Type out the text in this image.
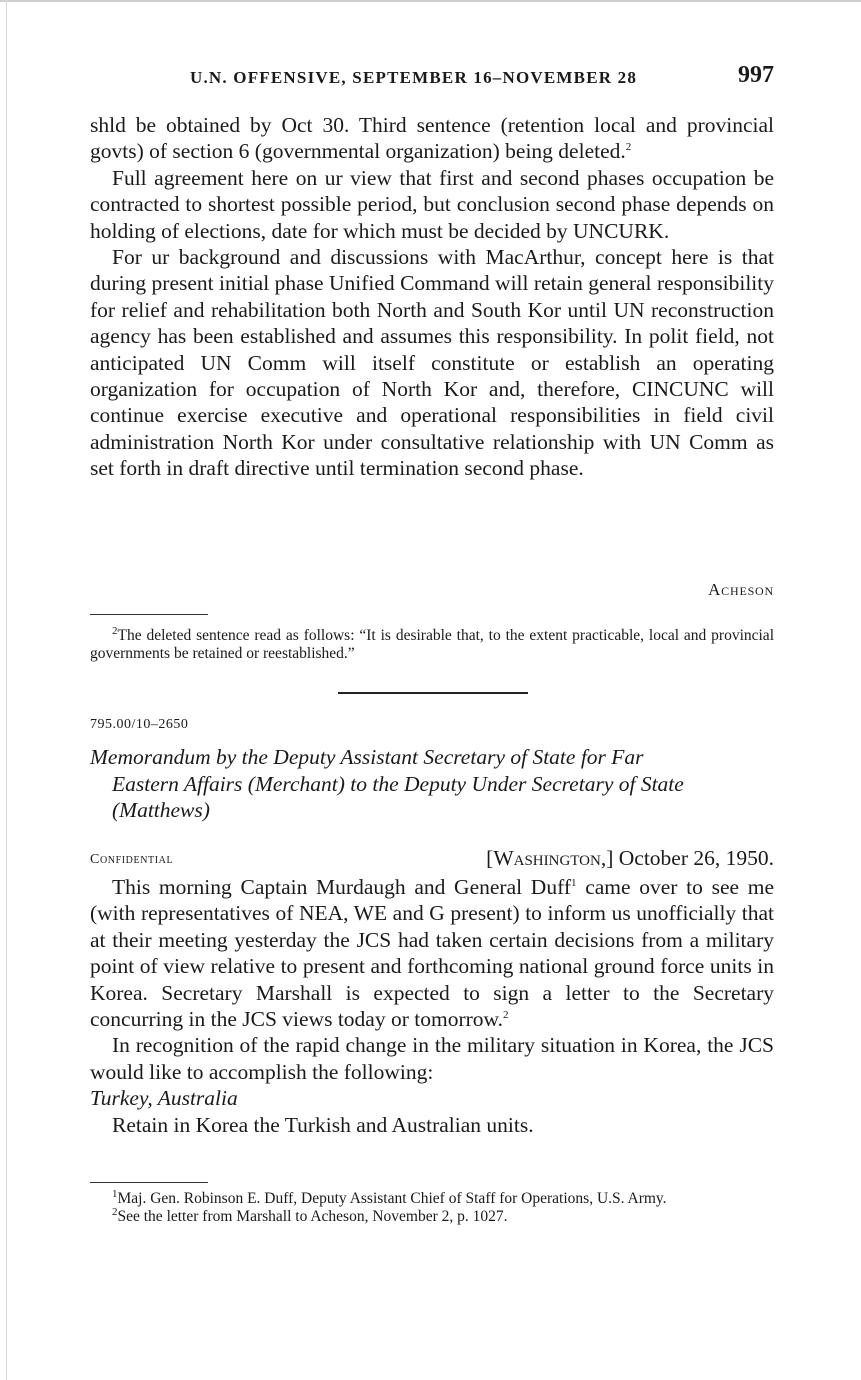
U.N. OFFENSIVE, SEPTEMBER 16–NOVEMBER 28	997

shld be obtained by Oct 30. Third sentence (retention local and provincial govts) of section 6 (governmental organization) being deleted.$^2$

Full agreement here on ur view that first and second phases occupation be contracted to shortest possible period, but conclusion second phase depends on holding of elections, date for which must be decided by UNCURK.

For ur background and discussions with MacArthur, concept here is that during present initial phase Unified Command will retain general responsibility for relief and rehabilitation both North and South Kor until UN reconstruction agency has been established and assumes this responsibility. In polit field, not anticipated UN Comm will itself constitute or establish an operating organization for occupation of North Kor and, therefore, CINCUNC will continue exercise executive and operational responsibilities in field civil administration North Kor under consultative relationship with UN Comm as set forth in draft directive until termination second phase.

Acheson

$^2$The deleted sentence read as follows: “It is desirable that, to the extent practicable, local and provincial governments be retained or reestablished.”

795.00/10–2650

Memorandum by the Deputy Assistant Secretary of State for Far
Eastern Affairs (Merchant) to the Deputy Under Secretary of State
(Matthews)

Confidential	[Washington,] October 26, 1950.

This morning Captain Murdaugh and General Duff$^1$ came over to see me (with representatives of NEA, WE and G present) to inform us unofficially that at their meeting yesterday the JCS had taken certain decisions from a military point of view relative to present and forthcoming national ground force units in Korea. Secretary Marshall is expected to sign a letter to the Secretary concurring in the JCS views today or tomorrow.$^2$

In recognition of the rapid change in the military situation in Korea, the JCS would like to accomplish the following:

Turkey, Australia

Retain in Korea the Turkish and Australian units.

$^1$Maj. Gen. Robinson E. Duff, Deputy Assistant Chief of Staff for Operations, U.S. Army.

$^2$See the letter from Marshall to Acheson, November 2, p. 1027.
